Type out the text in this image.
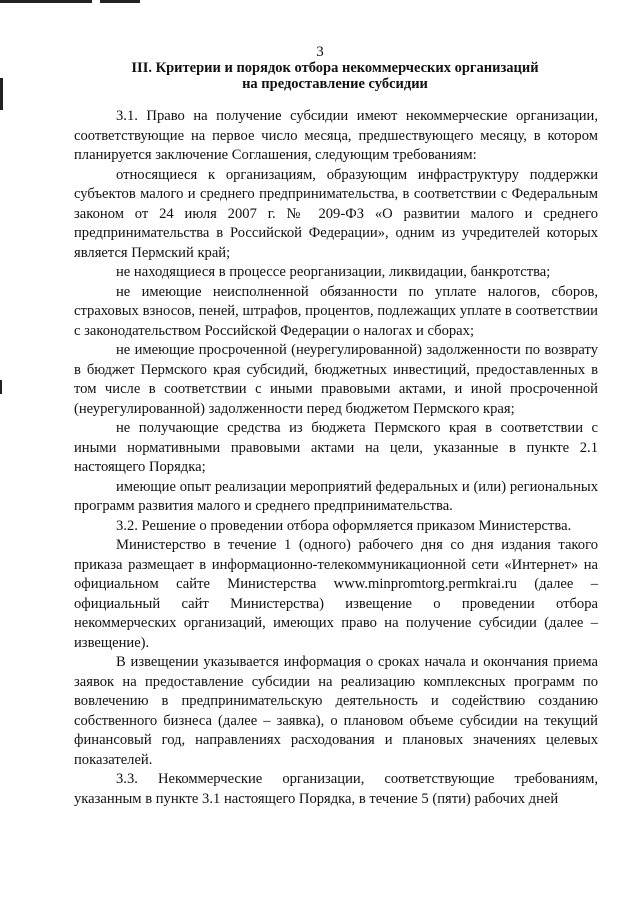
3
III. Критерии и порядок отбора некоммерческих организаций
на предоставление субсидии

3.1. Право на получение субсидии имеют некоммерческие организации, соответствующие на первое число месяца, предшествующего месяцу, в котором планируется заключение Соглашения, следующим требованиям:

относящиеся к организациям, образующим инфраструктуру поддержки субъектов малого и среднего предпринимательства, в соответствии с Федеральным законом от 24 июля 2007 г. № 209-ФЗ «О развитии малого и среднего предпринимательства в Российской Федерации», одним из учредителей которых является Пермский край;

не находящиеся в процессе реорганизации, ликвидации, банкротства;

не имеющие неисполненной обязанности по уплате налогов, сборов, страховых взносов, пеней, штрафов, процентов, подлежащих уплате в соответствии с законодательством Российской Федерации о налогах и сборах;

не имеющие просроченной (неурегулированной) задолженности по возврату в бюджет Пермского края субсидий, бюджетных инвестиций, предоставленных в том числе в соответствии с иными правовыми актами, и иной просроченной (неурегулированной) задолженности перед бюджетом Пермского края;

не получающие средства из бюджета Пермского края в соответствии с иными нормативными правовыми актами на цели, указанные в пункте 2.1 настоящего Порядка;

имеющие опыт реализации мероприятий федеральных и (или) региональных программ развития малого и среднего предпринимательства.

3.2. Решение о проведении отбора оформляется приказом Министерства.

Министерство в течение 1 (одного) рабочего дня со дня издания такого приказа размещает в информационно-телекоммуникационной сети «Интернет» на официальном сайте Министерства www.minpromtorg.permkrai.ru (далее – официальный сайт Министерства) извещение о проведении отбора некоммерческих организаций, имеющих право на получение субсидии (далее – извещение).

В извещении указывается информация о сроках начала и окончания приема заявок на предоставление субсидии на реализацию комплексных программ по вовлечению в предпринимательскую деятельность и содействию созданию собственного бизнеса (далее – заявка), о плановом объеме субсидии на текущий финансовый год, направлениях расходования и плановых значениях целевых показателей.

3.3. Некоммерческие организации, соответствующие требованиям, указанным в пункте 3.1 настоящего Порядка, в течение 5 (пяти) рабочих дней
